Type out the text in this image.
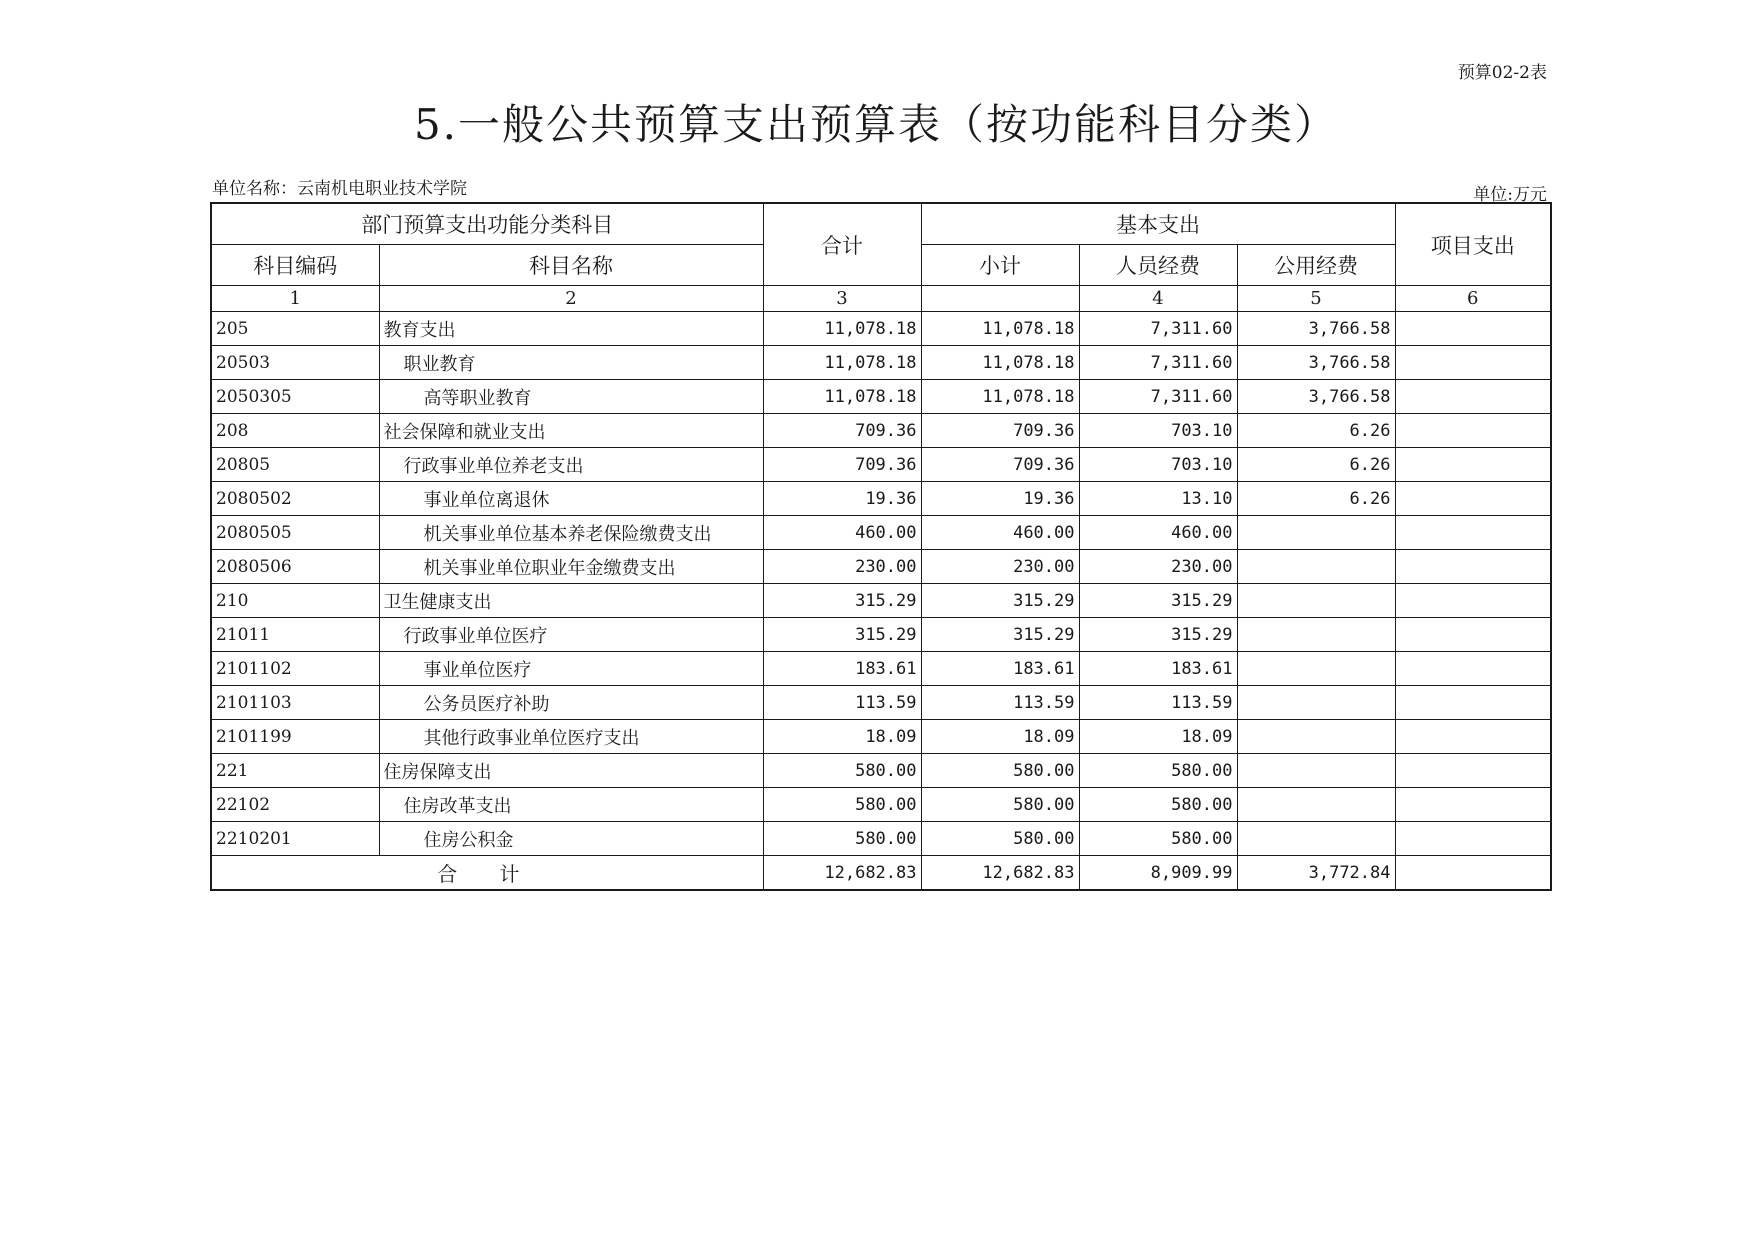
预算02-2表
5.一般公共预算支出预算表（按功能科目分类）
单位名称：云南机电职业技术学院	单位:万元
部门预算支出功能分类科目		合计	基本支出			项目支出
科目编码	科目名称		小计	人员经费	公用经费	
1	2	3		4	5	6
205	教育支出	11,078.18	11,078.18	7,311.60	3,766.58	
20503	职业教育	11,078.18	11,078.18	7,311.60	3,766.58	
2050305	高等职业教育	11,078.18	11,078.18	7,311.60	3,766.58	
208	社会保障和就业支出	709.36	709.36	703.10	6.26	
20805	行政事业单位养老支出	709.36	709.36	703.10	6.26	
2080502	事业单位离退休	19.36	19.36	13.10	6.26	
2080505	机关事业单位基本养老保险缴费支出	460.00	460.00	460.00		
2080506	机关事业单位职业年金缴费支出	230.00	230.00	230.00		
210	卫生健康支出	315.29	315.29	315.29		
21011	行政事业单位医疗	315.29	315.29	315.29		
2101102	事业单位医疗	183.61	183.61	183.61		
2101103	公务员医疗补助	113.59	113.59	113.59		
2101199	其他行政事业单位医疗支出	18.09	18.09	18.09		
221	住房保障支出	580.00	580.00	580.00		
22102	住房改革支出	580.00	580.00	580.00		
2210201	住房公积金	580.00	580.00	580.00		
合 计		12,682.83	12,682.83	8,909.99	3,772.84	
